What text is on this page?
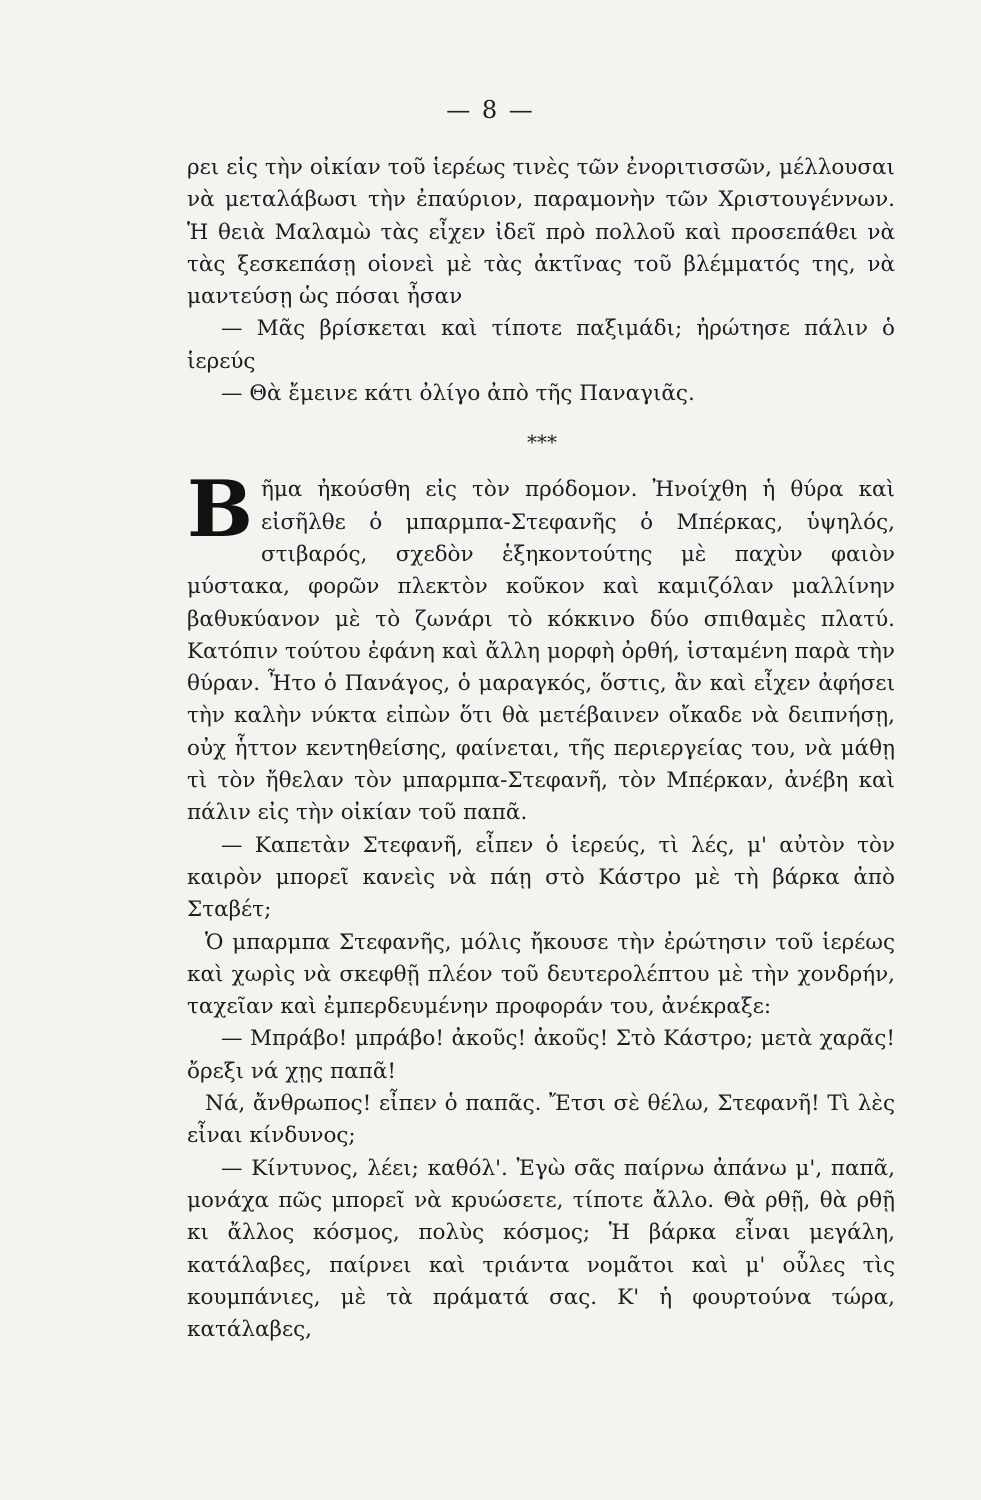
— 8 —

ρει εἰς τὴν οἰκίαν τοῦ ἱερέως τινὲς τῶν ἐνοριτισσῶν, μέλλουσαι νὰ μεταλάβωσι τὴν ἐπαύριον, παραμονὴν τῶν Χριστουγέννων. Ἡ θειὰ Μαλαμὼ τὰς εἶχεν ἰδεῖ πρὸ πολλοῦ καὶ προσεπάθει νὰ τὰς ξεσκεπάσῃ οἱονεὶ μὲ τὰς ἀκτῖνας τοῦ βλέμματός της, νὰ μαντεύσῃ ὡς πόσαι ἦσαν

— Μᾶς βρίσκεται καὶ τίποτε παξιμάδι; ἠρώτησε πάλιν ὁ ἱερεύς

— Θὰ ἔμεινε κάτι ὀλίγο ἀπὸ τῆς Παναγιᾶς.

* * *

Βῆμα ἠκούσθη εἰς τὸν πρόδομον. Ἠνοίχθη ἡ θύρα καὶ εἰσῆλθε ὁ μπαρμπα-Στεφανῆς ὁ Μπέρκας, ὑψηλός, στιβαρός, σχεδὸν ἑξηκοντούτης μὲ παχὺν φαιὸν μύστακα, φορῶν πλεκτὸν κοῦκον καὶ καμιζόλαν μαλλίνην βαθυκύανον μὲ τὸ ζωνάρι τὸ κόκκινο δύο σπιθαμὲς πλατύ. Κατόπιν τούτου ἐφάνη καὶ ἄλλη μορφὴ ὀρθή, ἱσταμένη παρὰ τὴν θύραν. Ἦτο ὁ Πανάγος, ὁ μαραγκός, ὅστις, ἂν καὶ εἶχεν ἀφήσει τὴν καλὴν νύκτα εἰπὼν ὅτι θὰ μετέβαινεν οἴκαδε νὰ δειπνήσῃ, οὐχ ἧττον κεντηθείσης, φαίνεται, τῆς περιεργείας του, νὰ μάθῃ τὶ τὸν ἤθελαν τὸν μπαρμπα-Στεφανῆ, τὸν Μπέρκαν, ἀνέβη καὶ πάλιν εἰς τὴν οἰκίαν τοῦ παπᾶ.

— Καπετὰν Στεφανῆ, εἶπεν ὁ ἱερεύς, τὶ λές, μ' αὐτὸν τὸν καιρὸν μπορεῖ κανεὶς νὰ πάῃ στὸ Κάστρο μὲ τὴ βάρκα ἀπὸ Σταβέτ;

Ὁ μπαρμπα Στεφανῆς, μόλις ἤκουσε τὴν ἐρώτησιν τοῦ ἱερέως καὶ χωρὶς νὰ σκεφθῇ πλέον τοῦ δευτερολέπτου μὲ τὴν χονδρήν, ταχεῖαν καὶ ἐμπερδευμένην προφοράν του, ἀνέκραξε:

— Μπράβο! μπράβο! ἀκοῦς! ἀκοῦς! Στὸ Κάστρο; μετὰ χαρᾶς! ὄρεξι νά χῃς παπᾶ!

Νά, ἄνθρωπος! εἶπεν ὁ παπᾶς. Ἔτσι σὲ θέλω, Στεφανῆ! Τὶ λὲς εἶναι κίνδυνος;

— Κίντυνος, λέει; καθόλ'. Ἐγὼ σᾶς παίρνω ἀπάνω μ', παπᾶ, μονάχα πῶς μπορεῖ νὰ κρυώσετε, τίποτε ἄλλο. Θὰ ρθῇ, θὰ ρθῇ κι ἄλλος κόσμος, πολὺς κόσμος; Ἡ βάρκα εἶναι μεγάλη, κατάλαβες, παίρνει καὶ τριάντα νομᾶτοι καὶ μ' οὖλες τὶς κουμπάνιες, μὲ τὰ πράματά σας. Κ' ἡ φουρτούνα τώρα, κατάλαβες,
